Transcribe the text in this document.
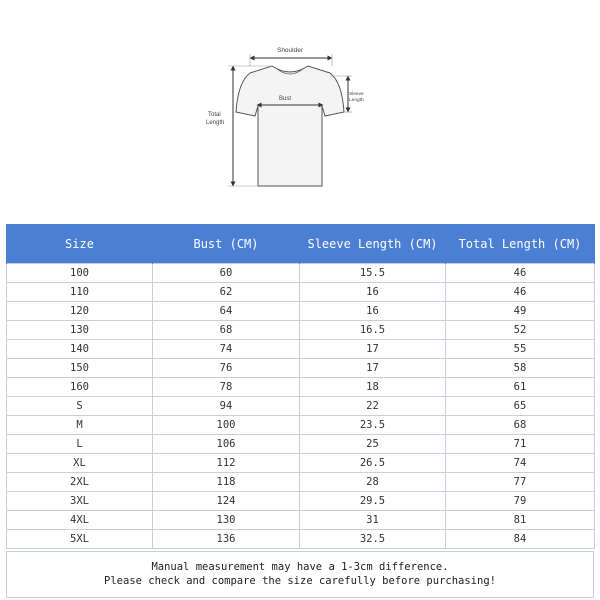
Shoulder
Bust
Sleeve
Length
Total
Length
Size	Bust (CM)	Sleeve Length (CM)	Total Length (CM)
100	60	15.5	46
110	62	16	46
120	64	16	49
130	68	16.5	52
140	74	17	55
150	76	17	58
160	78	18	61
S	94	22	65
M	100	23.5	68
L	106	25	71
XL	112	26.5	74
2XL	118	28	77
3XL	124	29.5	79
4XL	130	31	81
5XL	136	32.5	84
Manual measurement may have a 1-3cm difference.
Please check and compare the size carefully before purchasing!
